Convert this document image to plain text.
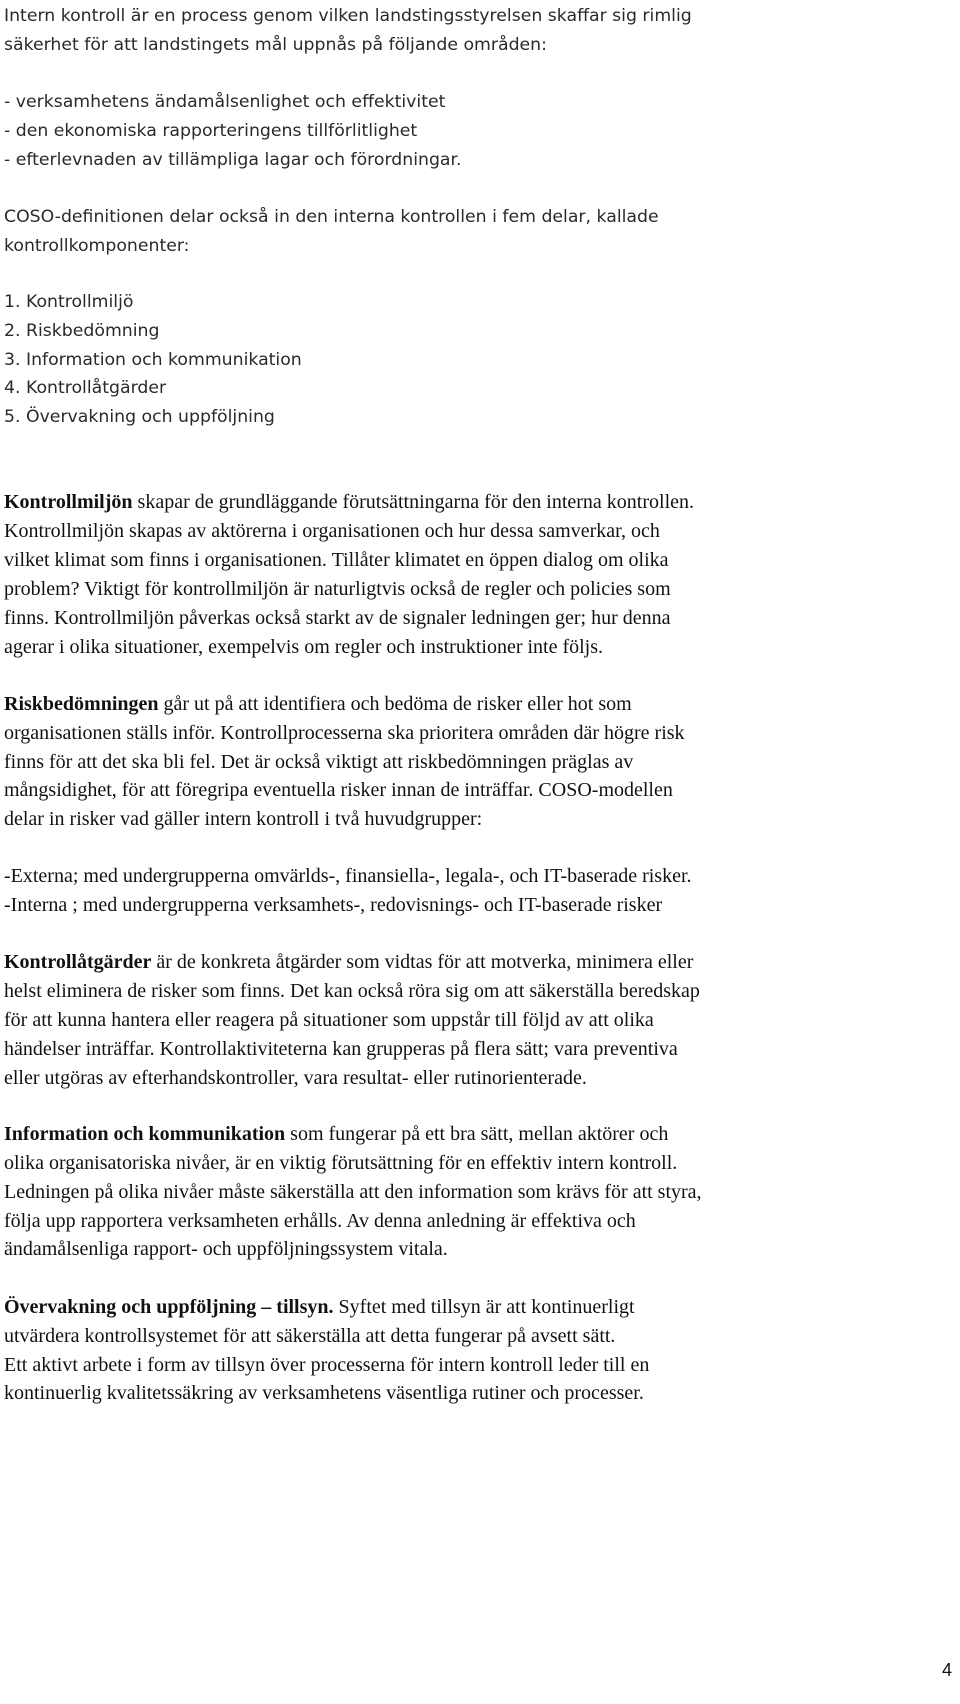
Intern kontroll är en process genom vilken landstingsstyrelsen skaffar sig rimlig
säkerhet för att landstingets mål uppnås på följande områden:
- verksamhetens ändamålsenlighet och effektivitet
- den ekonomiska rapporteringens tillförlitlighet
- efterlevnaden av tillämpliga lagar och förordningar.
COSO-definitionen delar också in den interna kontrollen i fem delar, kallade
kontrollkomponenter:
1. Kontrollmiljö
2. Riskbedömning
3. Information och kommunikation
4. Kontrollåtgärder
5. Övervakning och uppföljning
Kontrollmiljön skapar de grundläggande förutsättningarna för den interna kontrollen.
Kontrollmiljön skapas av aktörerna i organisationen och hur dessa samverkar, och
vilket klimat som finns i organisationen. Tillåter klimatet en öppen dialog om olika
problem? Viktigt för kontrollmiljön är naturligtvis också de regler och policies som
finns. Kontrollmiljön påverkas också starkt av de signaler ledningen ger; hur denna
agerar i olika situationer, exempelvis om regler och instruktioner inte följs.
Riskbedömningen går ut på att identifiera och bedöma de risker eller hot som
organisationen ställs inför. Kontrollprocesserna ska prioritera områden där högre risk
finns för att det ska bli fel. Det är också viktigt att riskbedömningen präglas av
mångsidighet, för att föregripa eventuella risker innan de inträffar. COSO-modellen
delar in risker vad gäller intern kontroll i två huvudgrupper:
-Externa; med undergrupperna omvärlds-, finansiella-, legala-, och IT-baserade risker.
-Interna ; med undergrupperna verksamhets-, redovisnings- och IT-baserade risker
Kontrollåtgärder är de konkreta åtgärder som vidtas för att motverka, minimera eller
helst eliminera de risker som finns. Det kan också röra sig om att säkerställa beredskap
för att kunna hantera eller reagera på situationer som uppstår till följd av att olika
händelser inträffar. Kontrollaktiviteterna kan grupperas på flera sätt; vara preventiva
eller utgöras av efterhandskontroller, vara resultat- eller rutinorienterade.
Information och kommunikation som fungerar på ett bra sätt, mellan aktörer och
olika organisatoriska nivåer, är en viktig förutsättning för en effektiv intern kontroll.
Ledningen på olika nivåer måste säkerställa att den information som krävs för att styra,
följa upp rapportera verksamheten erhålls. Av denna anledning är effektiva och
ändamålsenliga rapport- och uppföljningssystem vitala.
Övervakning och uppföljning – tillsyn. Syftet med tillsyn är att kontinuerligt
utvärdera kontrollsystemet för att säkerställa att detta fungerar på avsett sätt.
Ett aktivt arbete i form av tillsyn över processerna för intern kontroll leder till en
kontinuerlig kvalitetssäkring av verksamhetens väsentliga rutiner och processer.
4
